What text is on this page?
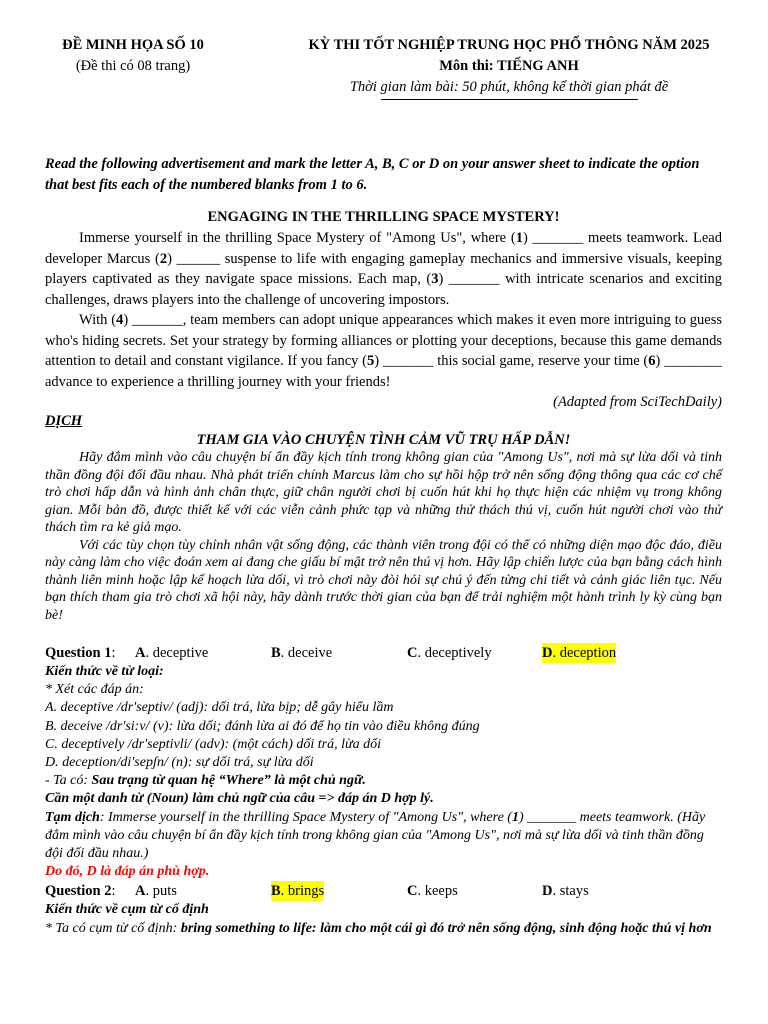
ĐỀ MINH HỌA SỐ 10
(Đề thi có 08 trang)
KỲ THI TỐT NGHIỆP TRUNG HỌC PHỔ THÔNG NĂM 2025
Môn thi: TIẾNG ANH
Thời gian làm bài: 50 phút, không kể thời gian phát đề
Read the following advertisement and mark the letter A, B, C or D on your answer sheet to indicate the option that best fits each of the numbered blanks from 1 to 6.
ENGAGING IN THE THRILLING SPACE MYSTERY!
Immerse yourself in the thrilling Space Mystery of "Among Us", where (1) _______ meets teamwork. Lead developer Marcus (2) ______ suspense to life with engaging gameplay mechanics and immersive visuals, keeping players captivated as they navigate space missions. Each map, (3) _______ with intricate scenarios and exciting challenges, draws players into the challenge of uncovering impostors.
With (4) _______, team members can adopt unique appearances which makes it even more intriguing to guess who's hiding secrets. Set your strategy by forming alliances or plotting your deceptions, because this game demands attention to detail and constant vigilance. If you fancy (5) _______ this social game, reserve your time (6) ________ advance to experience a thrilling journey with your friends!
(Adapted from SciTechDaily)
DỊCH
THAM GIA VÀO CHUYỆN TÌNH CẢM VŨ TRỤ HẤP DẪN!
Hãy đắm mình vào câu chuyện bí ẩn đầy kịch tính trong không gian của "Among Us", nơi mà sự lừa dối và tinh thần đồng đội đối đầu nhau. Nhà phát triển chính Marcus làm cho sự hồi hộp trở nên sống động thông qua các cơ chế trò chơi hấp dẫn và hình ảnh chân thực, giữ chân người chơi bị cuốn hút khi họ thực hiện các nhiệm vụ trong không gian. Mỗi bản đồ, được thiết kế với các viễn cảnh phức tạp và những thử thách thú vị, cuốn hút người chơi vào thử thách tìm ra kẻ giả mạo.
Với các tùy chọn tùy chỉnh nhân vật sống động, các thành viên trong đội có thể có những diện mạo độc đáo, điều này càng làm cho việc đoán xem ai đang che giấu bí mật trở nên thú vị hơn. Hãy lập chiến lược của bạn bằng cách hình thành liên minh hoặc lập kế hoạch lừa dối, vì trò chơi này đòi hỏi sự chú ý đến từng chi tiết và cảnh giác liên tục. Nếu bạn thích tham gia trò chơi xã hội này, hãy dành trước thời gian của bạn để trải nghiệm một hành trình ly kỳ cùng bạn bè!
Question 1: A. deceptive	B. deceive	C. deceptively	D. deception
Kiến thức về từ loại:
* Xét các đáp án:
A. deceptive /dr'septiv/ (adj): dối trá, lừa bịp; dễ gây hiểu lầm
B. deceive /dr'si:v/ (v): lừa dối; đánh lừa ai đó để họ tin vào điều không đúng
C. deceptively /dr'septivli/ (adv): (một cách) dối trá, lừa dối
D. deception/di'sepʃn/ (n): sự dối trá, sự lừa dối
- Ta có: Sau trạng từ quan hệ “Where” là một chủ ngữ.
Cần một danh từ (Noun) làm chủ ngữ của câu => đáp án D hợp lý.
Tạm dịch: Immerse yourself in the thrilling Space Mystery of "Among Us", where (1) _______ meets teamwork. (Hãy đắm mình vào câu chuyện bí ẩn đầy kịch tính trong không gian của "Among Us", nơi mà sự lừa dối và tinh thần đồng đội đối đầu nhau.)
Do đó, D là đáp án phù hợp.
Question 2: A. puts	B. brings	C. keeps	D. stays
Kiến thức về cụm từ cố định
* Ta có cụm từ cố định: bring something to life: làm cho một cái gì đó trở nên sống động, sinh động hoặc thú vị hơn
